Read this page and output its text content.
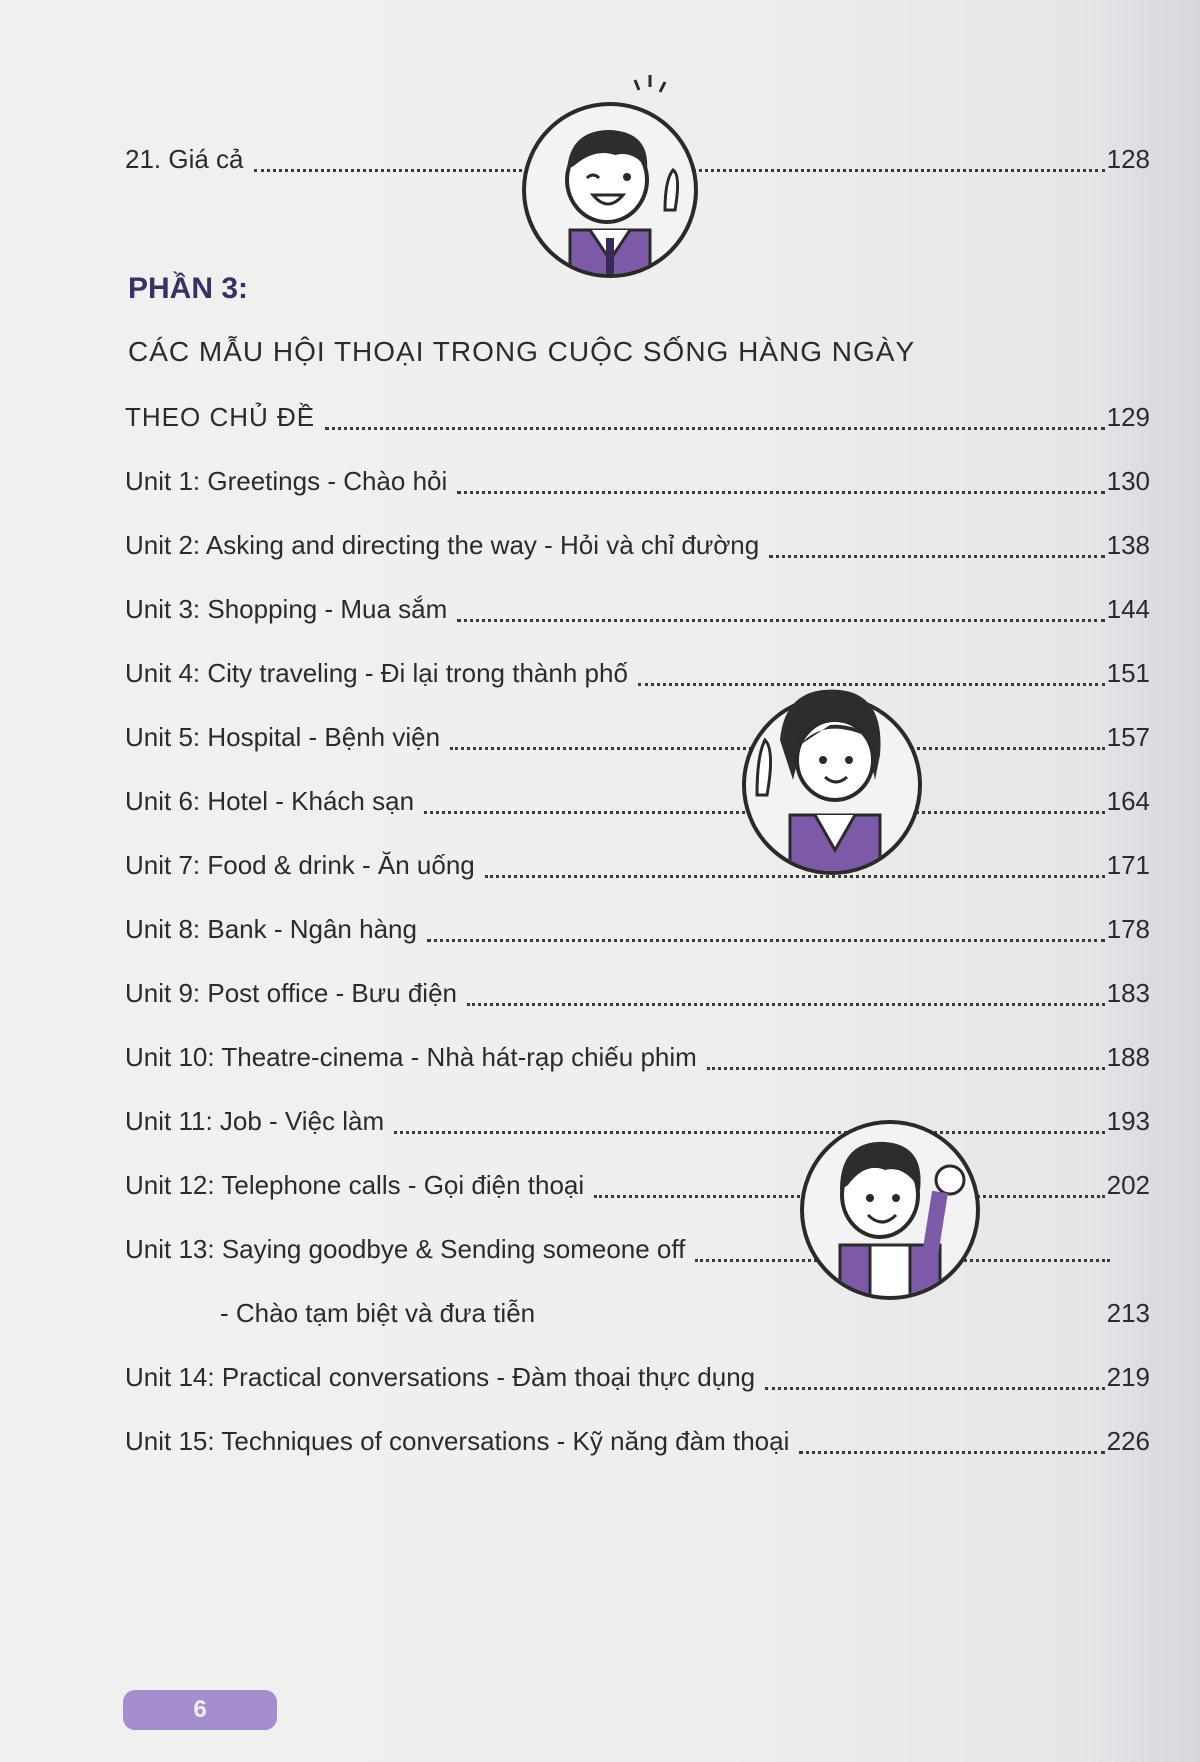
21. Giá cả	128
PHẦN 3:
CÁC MẪU HỘI THOẠI TRONG CUỘC SỐNG HÀNG NGÀY
THEO CHỦ ĐỀ	129
Unit 1: Greetings - Chào hỏi	130
Unit 2: Asking and directing the way - Hỏi và chỉ đường	138
Unit 3: Shopping - Mua sắm	144
Unit 4: City traveling - Đi lại trong thành phố	151
Unit 5: Hospital - Bệnh viện	157
Unit 6: Hotel - Khách sạn	164
Unit 7: Food & drink - Ăn uống	171
Unit 8: Bank - Ngân hàng	178
Unit 9: Post office - Bưu điện	183
Unit 10: Theatre-cinema - Nhà hát-rạp chiếu phim	188
Unit 11: Job - Việc làm	193
Unit 12: Telephone calls - Gọi điện thoại	202
Unit 13: Saying goodbye & Sending someone off
- Chào tạm biệt và đưa tiễn	213
Unit 14: Practical conversations - Đàm thoại thực dụng	219
Unit 15: Techniques of conversations - Kỹ năng đàm thoại	226
6
